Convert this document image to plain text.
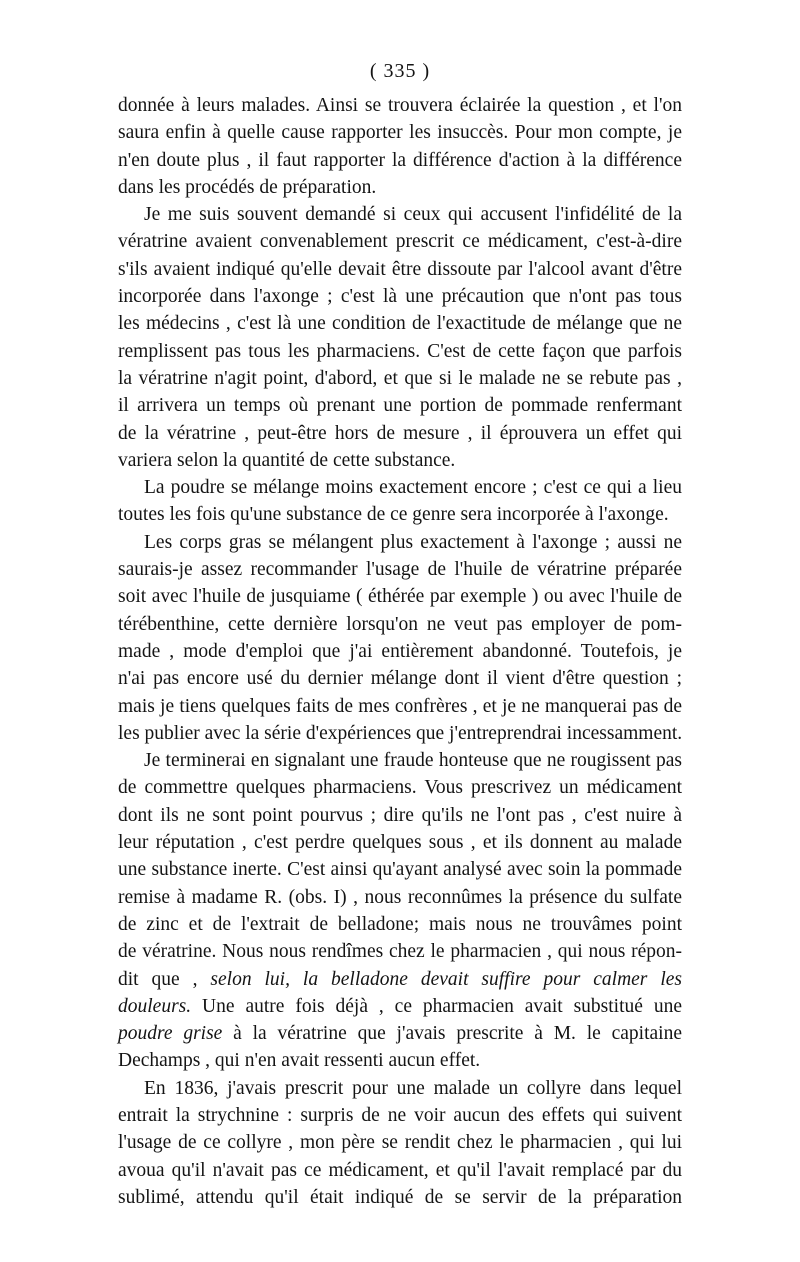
( 335 )
donnée à leurs malades. Ainsi se trouvera éclairée la question , et l'on
saura enfin à quelle cause rapporter les insuccès. Pour mon compte, je
n'en doute plus , il faut rapporter la différence d'action à la différence
dans les procédés de préparation.
Je me suis souvent demandé si ceux qui accusent l'infidélité de la
vératrine avaient convenablement prescrit ce médicament, c'est-à-dire
s'ils avaient indiqué qu'elle devait être dissoute par l'alcool avant d'être
incorporée dans l'axonge ; c'est là une précaution que n'ont pas tous
les médecins , c'est là une condition de l'exactitude de mélange que ne
remplissent pas tous les pharmaciens. C'est de cette façon que parfois
la vératrine n'agit point, d'abord, et que si le malade ne se rebute pas ,
il arrivera un temps où prenant une portion de pommade renfermant
de la vératrine , peut-être hors de mesure , il éprouvera un effet qui
variera selon la quantité de cette substance.
La poudre se mélange moins exactement encore ; c'est ce qui a lieu
toutes les fois qu'une substance de ce genre sera incorporée à l'axonge.
Les corps gras se mélangent plus exactement à l'axonge ; aussi ne
saurais-je assez recommander l'usage de l'huile de vératrine préparée
soit avec l'huile de jusquiame ( éthérée par exemple ) ou avec l'huile de
térébenthine, cette dernière lorsqu'on ne veut pas employer de pom-
made , mode d'emploi que j'ai entièrement abandonné. Toutefois, je
n'ai pas encore usé du dernier mélange dont il vient d'être question ;
mais je tiens quelques faits de mes confrères , et je ne manquerai pas de
les publier avec la série d'expériences que j'entreprendrai incessamment.
Je terminerai en signalant une fraude honteuse que ne rougissent pas
de commettre quelques pharmaciens. Vous prescrivez un médicament
dont ils ne sont point pourvus ; dire qu'ils ne l'ont pas , c'est nuire à
leur réputation , c'est perdre quelques sous , et ils donnent au malade
une substance inerte. C'est ainsi qu'ayant analysé avec soin la pommade
remise à madame R. (obs. I) , nous reconnûmes la présence du sulfate
de zinc et de l'extrait de belladone; mais nous ne trouvâmes point
de vératrine. Nous nous rendîmes chez le pharmacien , qui nous répon-
dit que , selon lui, la belladone devait suffire pour calmer les
douleurs. Une autre fois déjà , ce pharmacien avait substitué une
poudre grise à la vératrine que j'avais prescrite à M. le capitaine
Dechamps , qui n'en avait ressenti aucun effet.
En 1836, j'avais prescrit pour une malade un collyre dans lequel
entrait la strychnine : surpris de ne voir aucun des effets qui suivent
l'usage de ce collyre , mon père se rendit chez le pharmacien , qui lui
avoua qu'il n'avait pas ce médicament, et qu'il l'avait remplacé par du
sublimé, attendu qu'il était indiqué de se servir de la préparation
